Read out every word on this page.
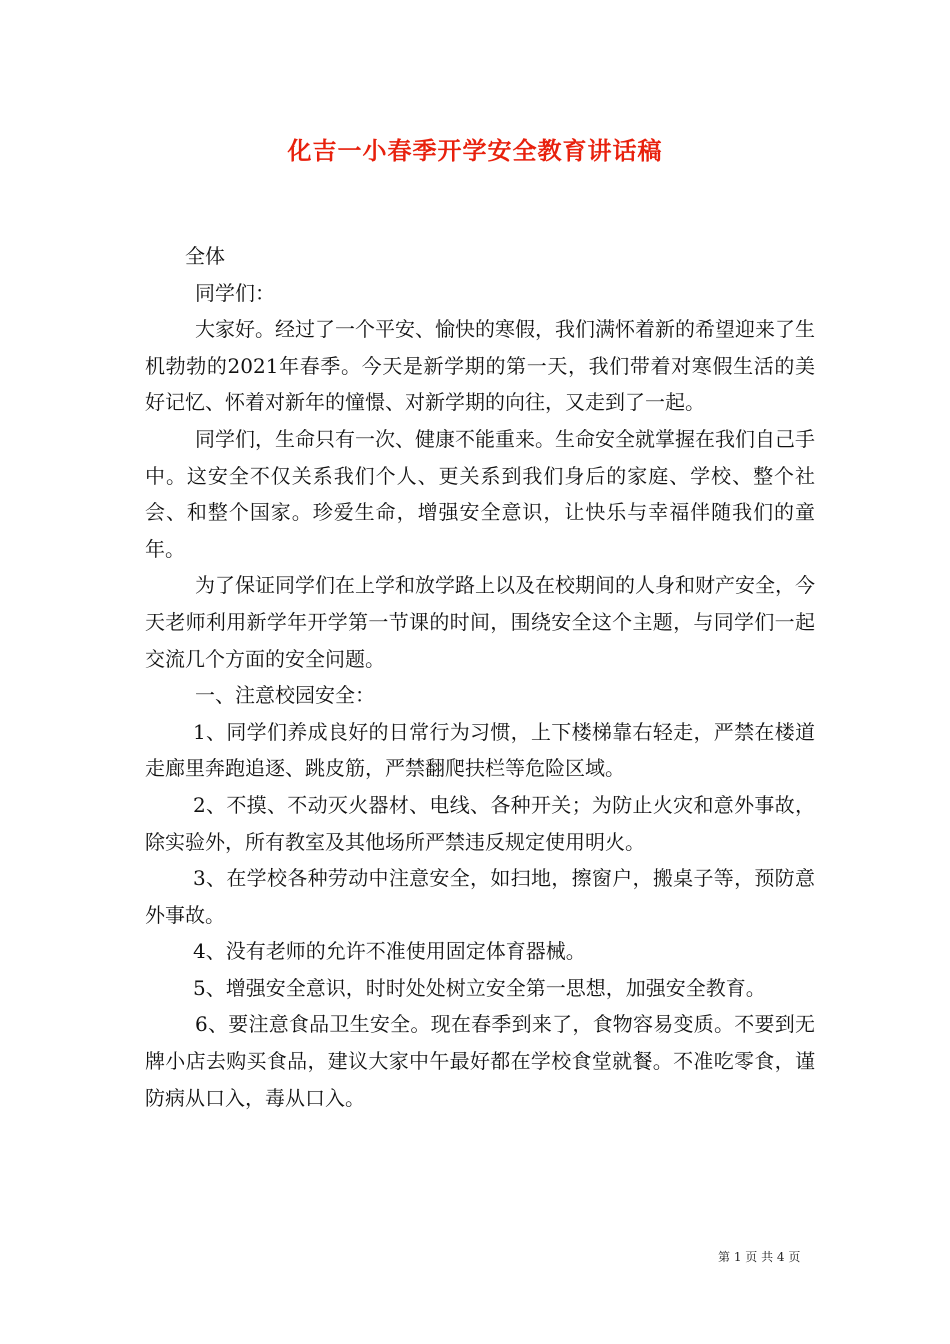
化吉一小春季开学安全教育讲话稿

全体

同学们：

大家好。经过了一个平安、愉快的寒假，我们满怀着新的希望迎来了生机勃勃的2021年春季。今天是新学期的第一天，我们带着对寒假生活的美好记忆、怀着对新年的憧憬、对新学期的向往，又走到了一起。

同学们，生命只有一次、健康不能重来。生命安全就掌握在我们自己手中。这安全不仅关系我们个人、更关系到我们身后的家庭、学校、整个社会、和整个国家。珍爱生命，增强安全意识，让快乐与幸福伴随我们的童年。

为了保证同学们在上学和放学路上以及在校期间的人身和财产安全，今天老师利用新学年开学第一节课的时间，围绕安全这个主题，与同学们一起交流几个方面的安全问题。

一、注意校园安全：

1、同学们养成良好的日常行为习惯，上下楼梯靠右轻走，严禁在楼道走廊里奔跑追逐、跳皮筋，严禁翻爬扶栏等危险区域。

2、不摸、不动灭火器材、电线、各种开关；为防止火灾和意外事故，除实验外，所有教室及其他场所严禁违反规定使用明火。

3、在学校各种劳动中注意安全，如扫地，擦窗户，搬桌子等，预防意外事故。

4、没有老师的允许不准使用固定体育器械。

5、增强安全意识，时时处处树立安全第一思想，加强安全教育。

6、要注意食品卫生安全。现在春季到来了，食物容易变质。不要到无牌小店去购买食品，建议大家中午最好都在学校食堂就餐。不准吃零食，谨防病从口入，毒从口入。

第 1 页 共 4 页
